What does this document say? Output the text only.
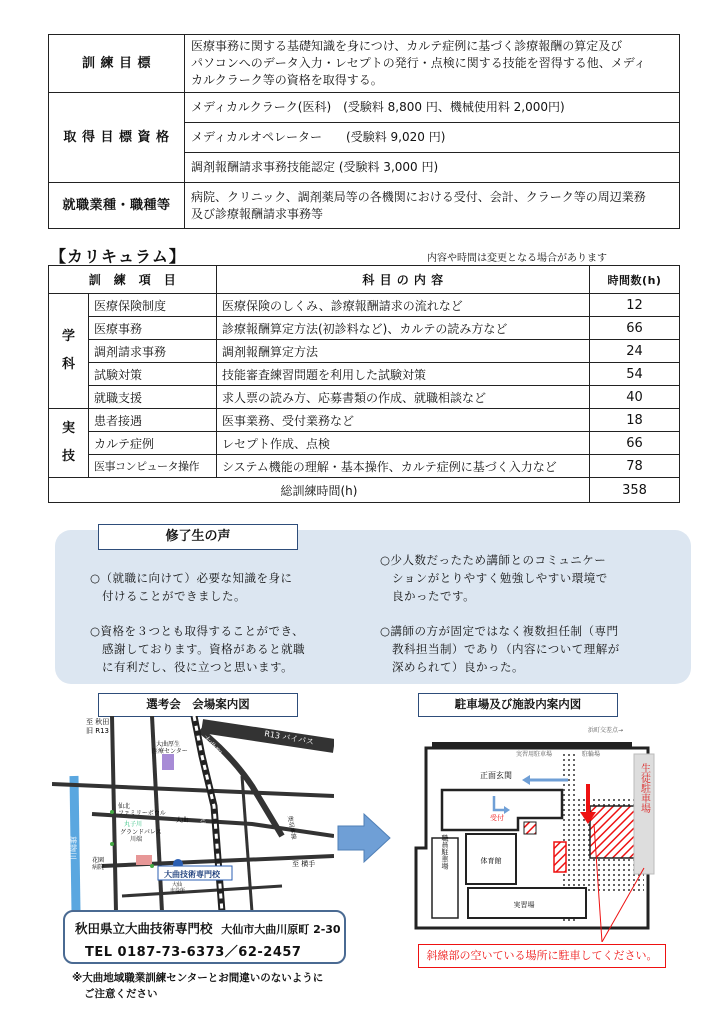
訓 練 目 標	医療事務に関する基礎知識を身につけ、カルテ症例に基づく診療報酬の算定及び
パソコンへのデータ入力・レセプトの発行・点検に関する技能を習得する他、メディ
カルクラーク等の資格を取得する。

取 得 目 標 資 格	メディカルクラーク(医科)　(受験料 8,800 円、機械使用料 2,000円)
	メディカルオペレーター　　(受験料 9,020 円)
	調剤報酬請求事務技能認定 (受験料 3,000 円)
就職業種・職種等	病院、クリニック、調剤薬局等の各機関における受付、会計、クラーク等の周辺業務
及び診療報酬請求事務等
【カリキュラム】	内容や時間は変更となる場合があります
訓　練　項　目		科 目 の 内 容	時間数(h)

学
科	医療保険制度	医療保険のしくみ、診療報酬請求の流れなど	12
	医療事務	診療報酬算定方法(初診料など)、カルテの読み方など	66
	調剤請求事務	調剤報酬算定方法	24
	試験対策	技能審査練習問題を利用した試験対策	54
	就職支援	求人票の読み方、応募書類の作成、就職相談など	40

実
技	患者接遇	医事業務、受付業務など	18
	カルテ症例	レセプト作成、点検	66
	医事コンピュータ操作	システム機能の理解・基本操作、カルテ症例に基づく入力など	78
総訓練時間(h)			358
修了生の声
○（就職に向けて）必要な知識を身に
　付けることができました。
○資格を３つとも取得することができ、
　感謝しております。資格があると就職
　に有利だし、役に立つと思います。
○少人数だったため講師とのコミュニケー
　ションがとりやすく勉強しやすい環境で
　良かったです。
○講師の方が固定ではなく複数担任制（専門
　教科担当制）であり（内容について理解が
　深められて）良かった。
選考会　会場案内図
至 秋田
旧 R13
大曲厚生
医療センター
R13 バイパス
大曲駅
大曲
雄物川
仙北
ファミリーボウル
丸子川
グランドパレス
川端
花園
病院
秋田新幹線	奥羽本線
至 横手
大曲技術専門校
大仙
市役所
秋田県立大曲技術専門校 大仙市大曲川原町 2-30
TEL 0187-73-6373／62-2457
※大曲地域職業訓練センターとお間違いのないように
ご注意ください
駐車場及び施設内案内図
浜町交差点→
実習用駐車場	駐輪場
正面玄関
受付
職員駐車場	体育館
実習場
生徒駐車場
斜線部の空いている場所に駐車してください。
